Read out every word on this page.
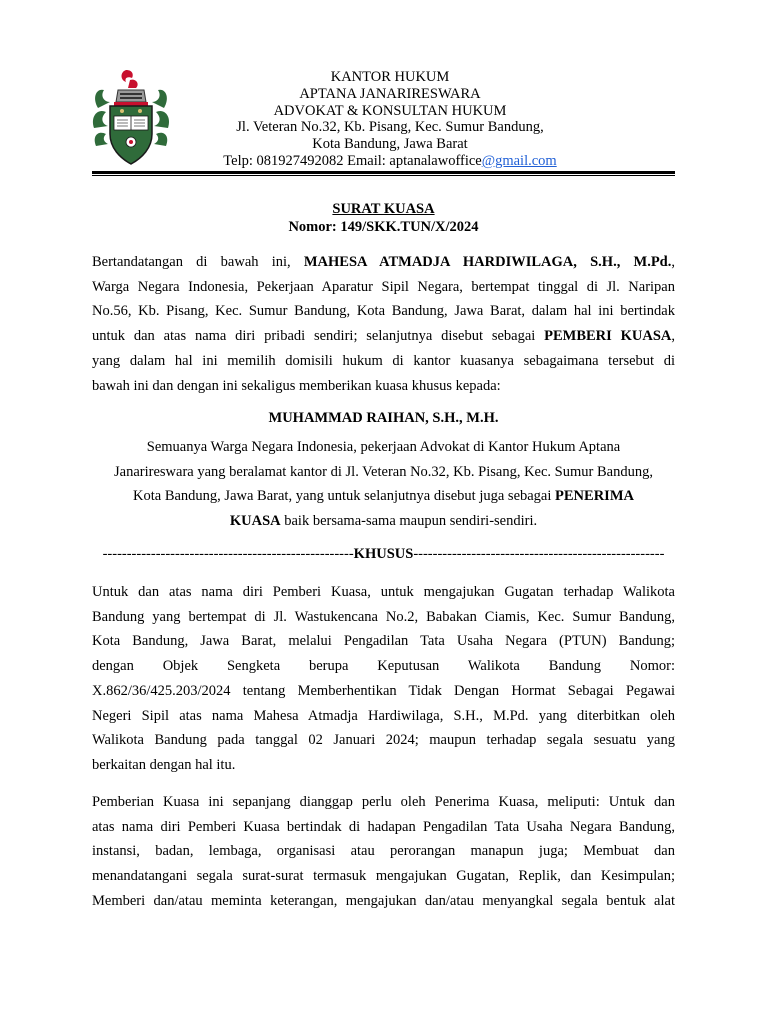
KANTOR HUKUM
APTANA JANARIRESWARA
ADVOKAT & KONSULTAN HUKUM
Jl. Veteran No.32, Kb. Pisang, Kec. Sumur Bandung,
Kota Bandung, Jawa Barat
Telp: 081927492082 Email: aptanalawoffice@gmail.com
SURAT KUASA
Nomor: 149/SKK.TUN/X/2024
Bertandatangan di bawah ini, MAHESA ATMADJA HARDIWILAGA, S.H., M.Pd.,
Warga Negara Indonesia, Pekerjaan Aparatur Sipil Negara, bertempat tinggal di Jl. Naripan
No.56, Kb. Pisang, Kec. Sumur Bandung, Kota Bandung, Jawa Barat, dalam hal ini bertindak
untuk dan atas nama diri pribadi sendiri; selanjutnya disebut sebagai PEMBERI KUASA,
yang dalam hal ini memilih domisili hukum di kantor kuasanya sebagaimana tersebut di
bawah ini dan dengan ini sekaligus memberikan kuasa khusus kepada:
MUHAMMAD RAIHAN, S.H., M.H.
Semuanya Warga Negara Indonesia, pekerjaan Advokat di Kantor Hukum Aptana
Janarireswara yang beralamat kantor di Jl. Veteran No.32, Kb. Pisang, Kec. Sumur Bandung,
Kota Bandung, Jawa Barat, yang untuk selanjutnya disebut juga sebagai PENERIMA
KUASA baik bersama-sama maupun sendiri-sendiri.
----------------------------------------------------KHUSUS----------------------------------------------------
Untuk dan atas nama diri Pemberi Kuasa, untuk mengajukan Gugatan terhadap Walikota
Bandung yang bertempat di Jl. Wastukencana No.2, Babakan Ciamis, Kec. Sumur Bandung,
Kota Bandung, Jawa Barat, melalui Pengadilan Tata Usaha Negara (PTUN) Bandung;
dengan Objek Sengketa berupa Keputusan Walikota Bandung Nomor:
X.862/36/425.203/2024 tentang Memberhentikan Tidak Dengan Hormat Sebagai Pegawai
Negeri Sipil atas nama Mahesa Atmadja Hardiwilaga, S.H., M.Pd. yang diterbitkan oleh
Walikota Bandung pada tanggal 02 Januari 2024; maupun terhadap segala sesuatu yang
berkaitan dengan hal itu.
Pemberian Kuasa ini sepanjang dianggap perlu oleh Penerima Kuasa, meliputi: Untuk dan
atas nama diri Pemberi Kuasa bertindak di hadapan Pengadilan Tata Usaha Negara Bandung,
instansi, badan, lembaga, organisasi atau perorangan manapun juga; Membuat dan
menandatangani segala surat-surat termasuk mengajukan Gugatan, Replik, dan Kesimpulan;
Memberi dan/atau meminta keterangan, mengajukan dan/atau menyangkal segala bentuk alat
